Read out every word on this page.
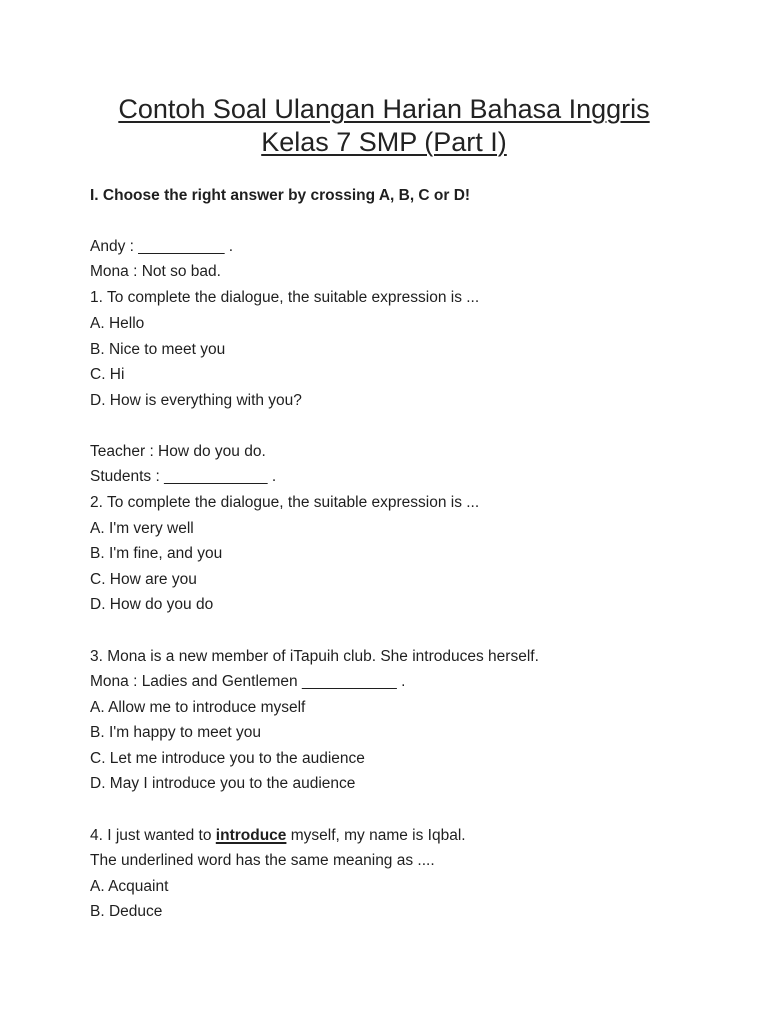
Contoh Soal Ulangan Harian Bahasa Inggris
Kelas 7 SMP (Part I)
I. Choose the right answer by crossing A, B, C or D!
Andy : __________ .
Mona : Not so bad.
1. To complete the dialogue, the suitable expression is ...
A. Hello
B. Nice to meet you
C. Hi
D. How is everything with you?
Teacher : How do you do.
Students : ____________ .
2. To complete the dialogue, the suitable expression is ...
A. I'm very well
B. I'm fine, and you
C. How are you
D. How do you do
3. Mona is a new member of iTapuih club. She introduces herself.
Mona : Ladies and Gentlemen ___________ .
A. Allow me to introduce myself
B. I'm happy to meet you
C. Let me introduce you to the audience
D. May I introduce you to the audience
4. I just wanted to introduce myself, my name is Iqbal.
The underlined word has the same meaning as ....
A. Acquaint
B. Deduce
